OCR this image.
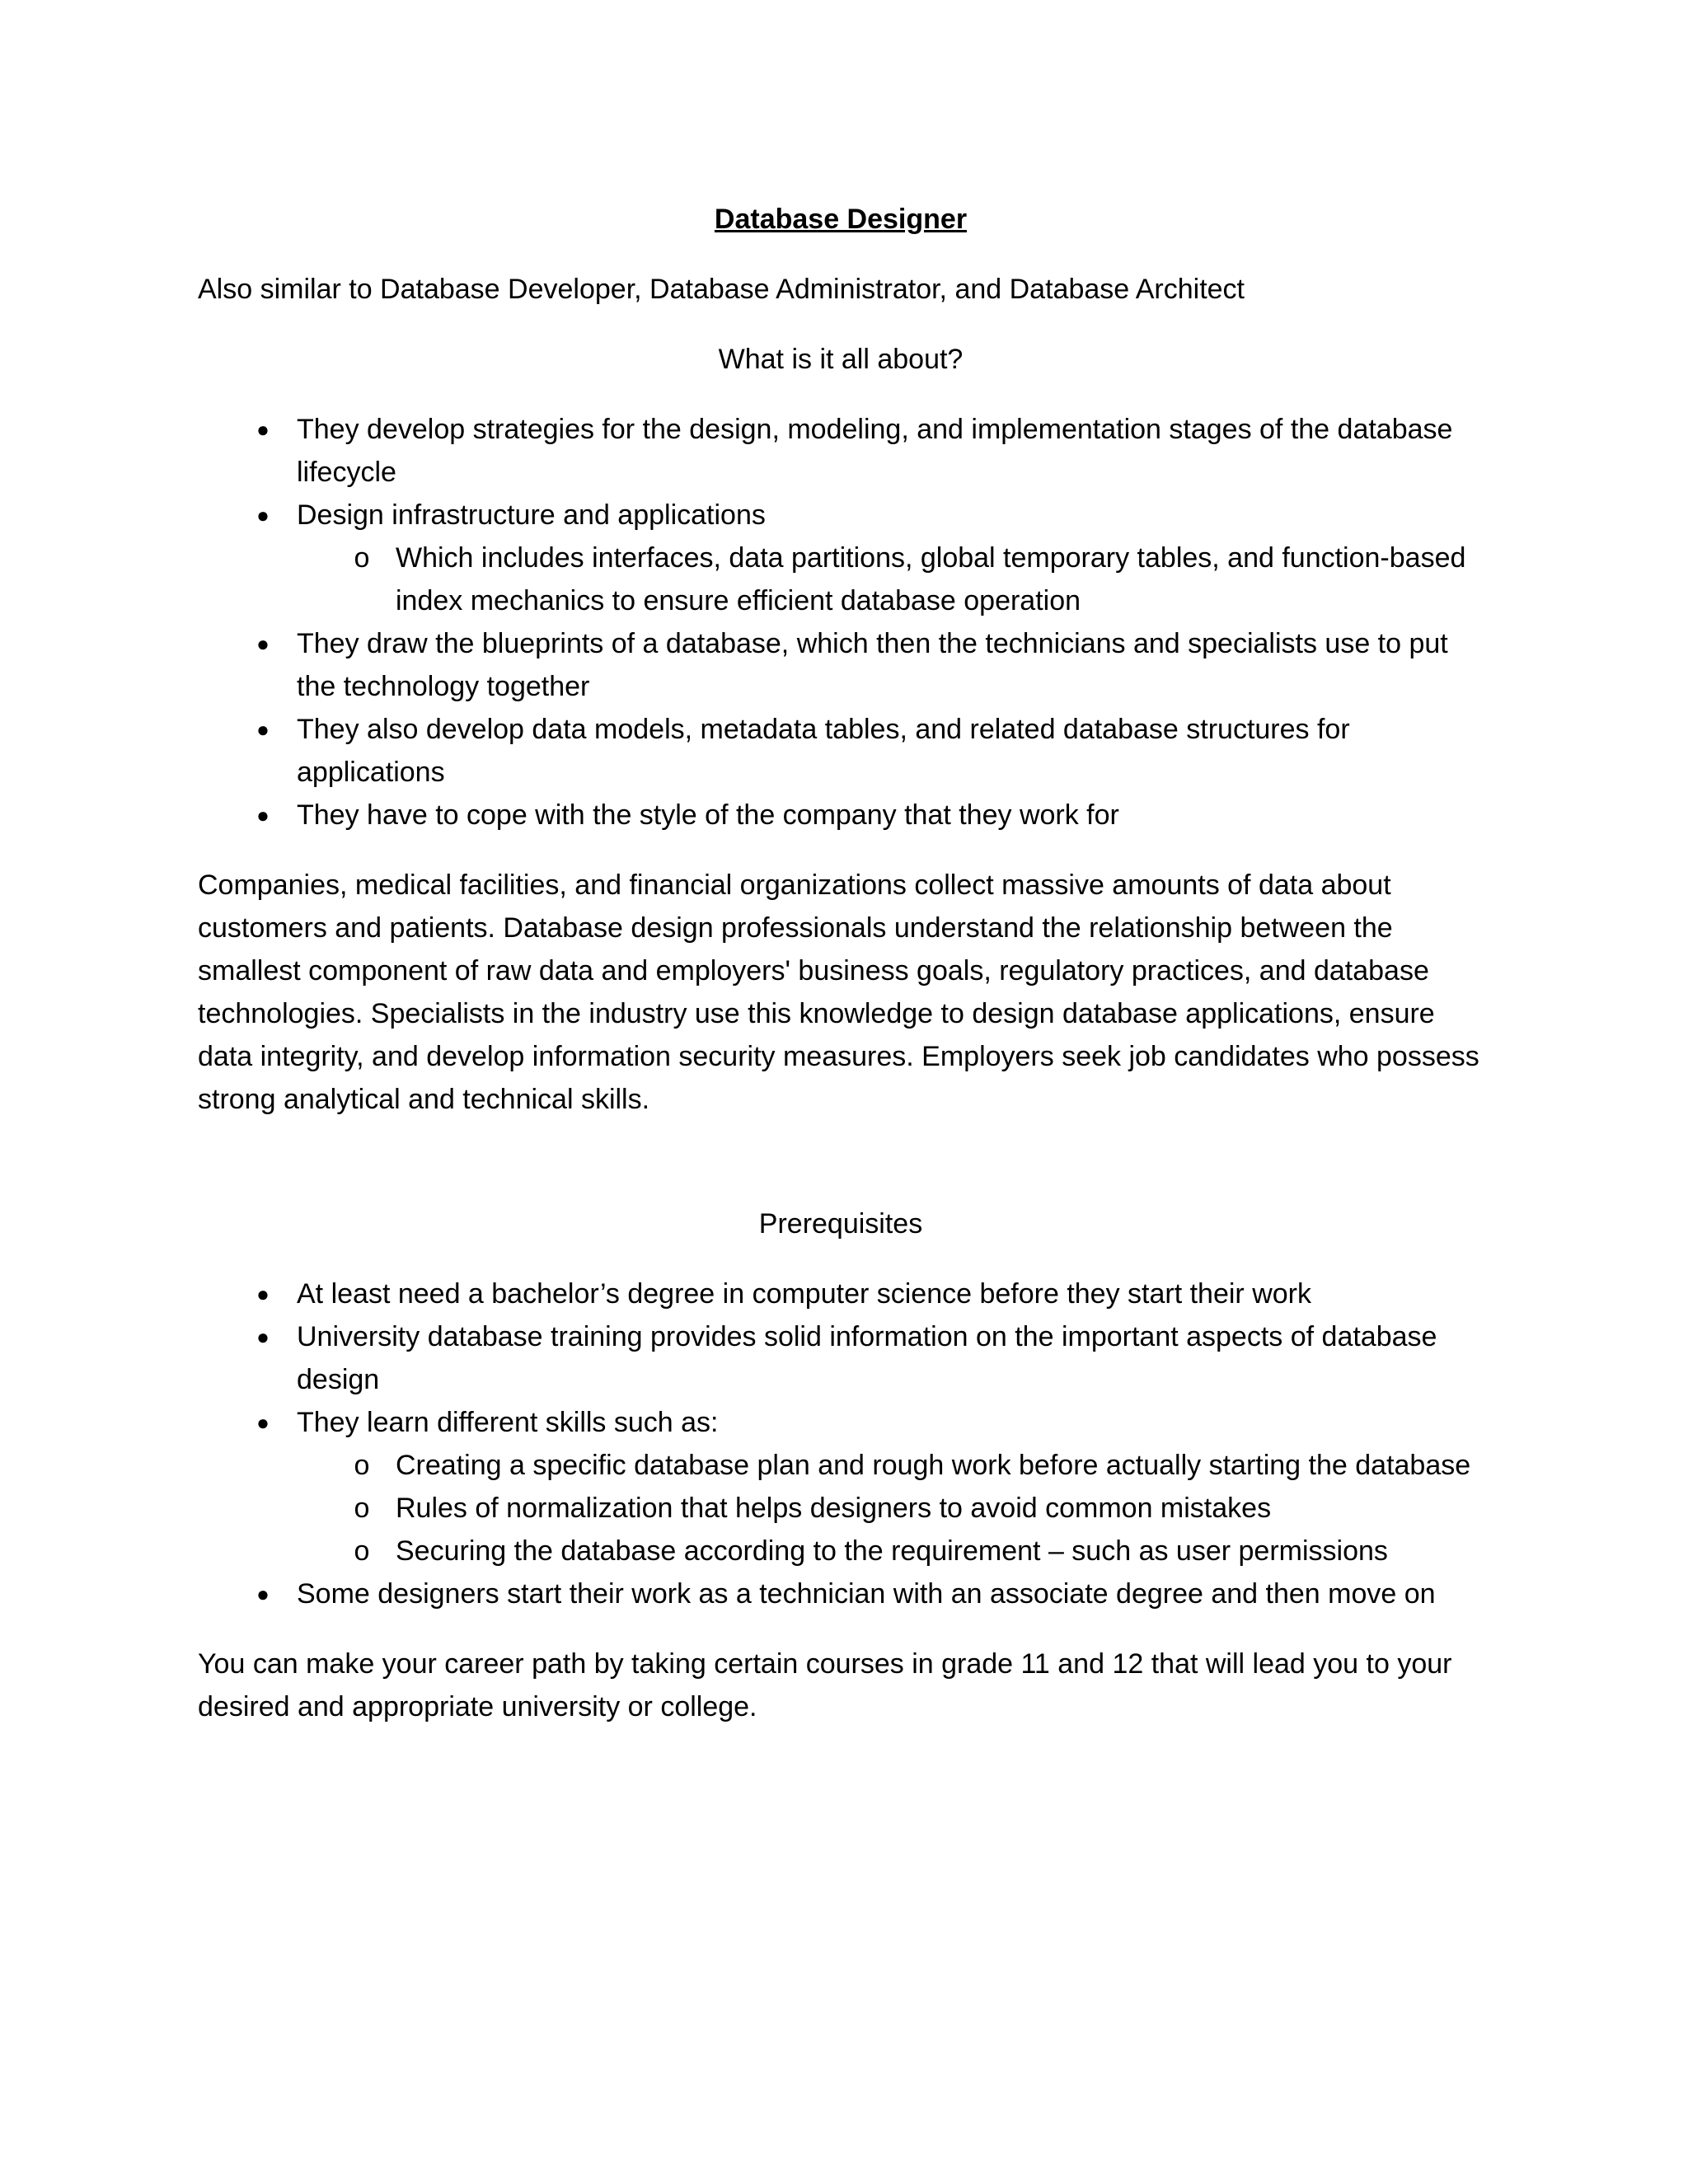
Database Designer
Also similar to Database Developer, Database Administrator, and Database Architect
What is it all about?
● They develop strategies for the design, modeling, and implementation stages of the database lifecycle
● Design infrastructure and applications
o Which includes interfaces, data partitions, global temporary tables, and function-based index mechanics to ensure efficient database operation
● They draw the blueprints of a database, which then the technicians and specialists use to put the technology together
● They also develop data models, metadata tables, and related database structures for applications
● They have to cope with the style of the company that they work for
Companies, medical facilities, and financial organizations collect massive amounts of data about customers and patients. Database design professionals understand the relationship between the smallest component of raw data and employers' business goals, regulatory practices, and database technologies. Specialists in the industry use this knowledge to design database applications, ensure data integrity, and develop information security measures. Employers seek job candidates who possess strong analytical and technical skills.
Prerequisites
● At least need a bachelor’s degree in computer science before they start their work
● University database training provides solid information on the important aspects of database design
● They learn different skills such as:
o Creating a specific database plan and rough work before actually starting the database
o Rules of normalization that helps designers to avoid common mistakes
o Securing the database according to the requirement – such as user permissions
● Some designers start their work as a technician with an associate degree and then move on
You can make your career path by taking certain courses in grade 11 and 12 that will lead you to your desired and appropriate university or college.
